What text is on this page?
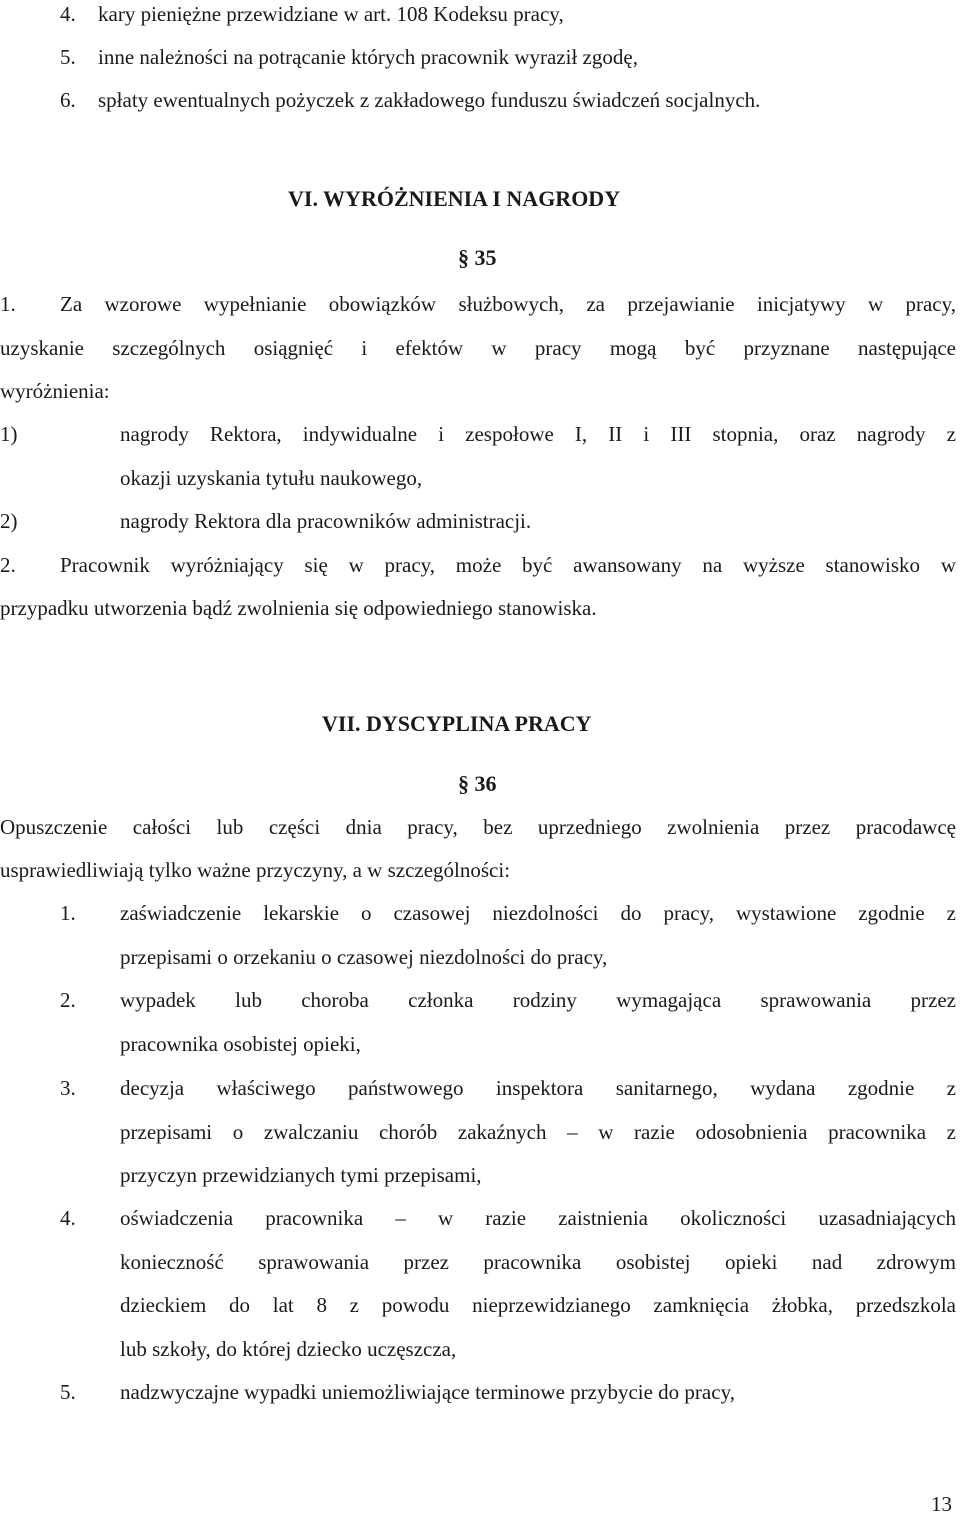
4. kary pieniężne przewidziane w art. 108 Kodeksu pracy,
5. inne należności na potrącanie których pracownik wyraził zgodę,
6. spłaty ewentualnych pożyczek z zakładowego funduszu świadczeń socjalnych.
VI. WYRÓŻNIENIA I NAGRODY
§ 35
1. Za wzorowe wypełnianie obowiązków służbowych, za przejawianie inicjatywy w pracy,
uzyskanie szczególnych osiągnięć i efektów w pracy mogą być przyznane następujące
wyróżnienia:
1)	nagrody Rektora, indywidualne i zespołowe I, II i III stopnia, oraz nagrody z
okazji uzyskania tytułu naukowego,
2)	nagrody Rektora dla pracowników administracji.
2. Pracownik wyróżniający się w pracy, może być awansowany na wyższe stanowisko w
przypadku utworzenia bądź zwolnienia się odpowiedniego stanowiska.
VII. DYSCYPLINA PRACY
§ 36
Opuszczenie całości lub części dnia pracy, bez uprzedniego zwolnienia przez pracodawcę
usprawiedliwiają tylko ważne przyczyny, a w szczególności:
1. zaświadczenie lekarskie o czasowej niezdolności do pracy, wystawione zgodnie z
przepisami o orzekaniu o czasowej niezdolności do pracy,
2. wypadek lub choroba członka rodziny wymagająca sprawowania przez
pracownika osobistej opieki,
3. decyzja właściwego państwowego inspektora sanitarnego, wydana zgodnie z
przepisami o zwalczaniu chorób zakaźnych – w razie odosobnienia pracownika z
przyczyn przewidzianych tymi przepisami,
4. oświadczenia pracownika – w razie zaistnienia okoliczności uzasadniających
konieczność sprawowania przez pracownika osobistej opieki nad zdrowym
dzieckiem do lat 8 z powodu nieprzewidzianego zamknięcia żłobka, przedszkola
lub szkoły, do której dziecko uczęszcza,
5. nadzwyczajne wypadki uniemożliwiające terminowe przybycie do pracy,
13
